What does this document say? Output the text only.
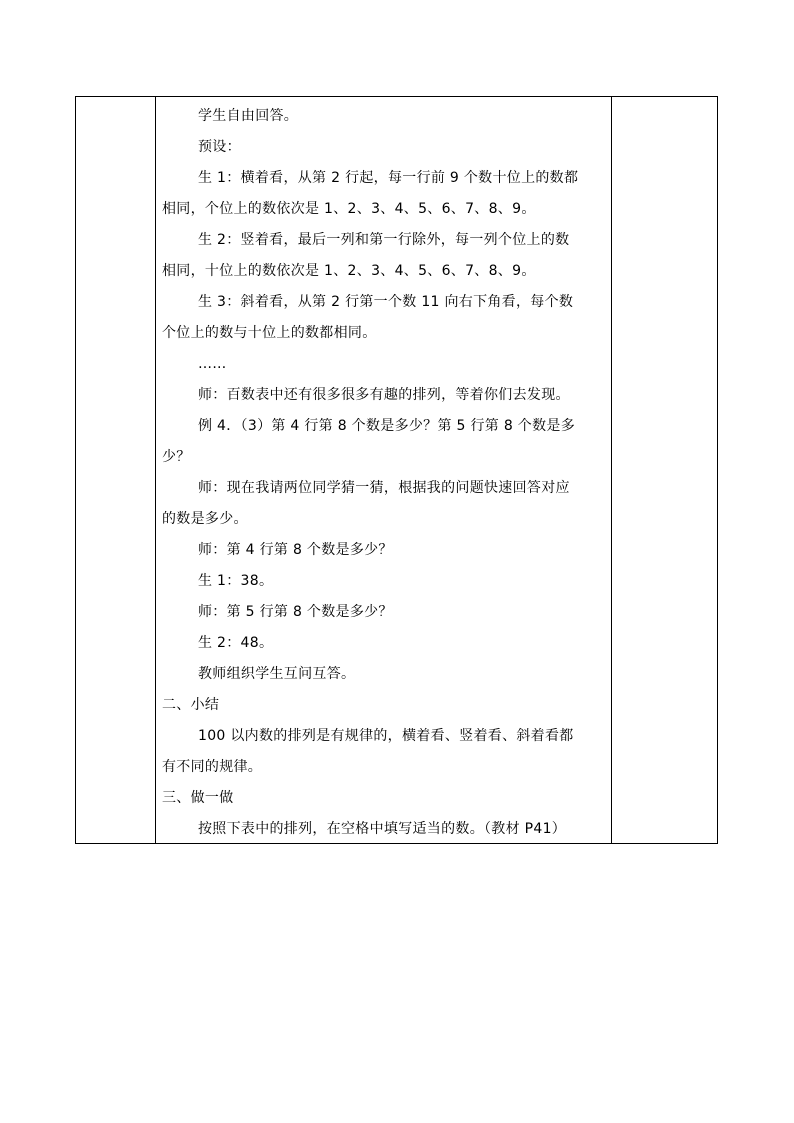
学生自由回答。
预设：
生 1：横着看，从第 2 行起，每一行前 9 个数十位上的数都
相同，个位上的数依次是 1、2、3、4、5、6、7、8、9。
生 2：竖着看，最后一列和第一行除外，每一列个位上的数
相同，十位上的数依次是 1、2、3、4、5、6、7、8、9。
生 3：斜着看，从第 2 行第一个数 11 向右下角看，每个数
个位上的数与十位上的数都相同。
……
师：百数表中还有很多很多有趣的排列，等着你们去发现。
例 4．（3）第 4 行第 8 个数是多少？第 5 行第 8 个数是多
少？
师：现在我请两位同学猜一猜，根据我的问题快速回答对应
的数是多少。
师：第 4 行第 8 个数是多少？
生 1：38。
师：第 5 行第 8 个数是多少？
生 2：48。
教师组织学生互问互答。
二、小结
100 以内数的排列是有规律的，横着看、竖着看、斜着看都
有不同的规律。
三、做一做
按照下表中的排列，在空格中填写适当的数。（教材 P41）
